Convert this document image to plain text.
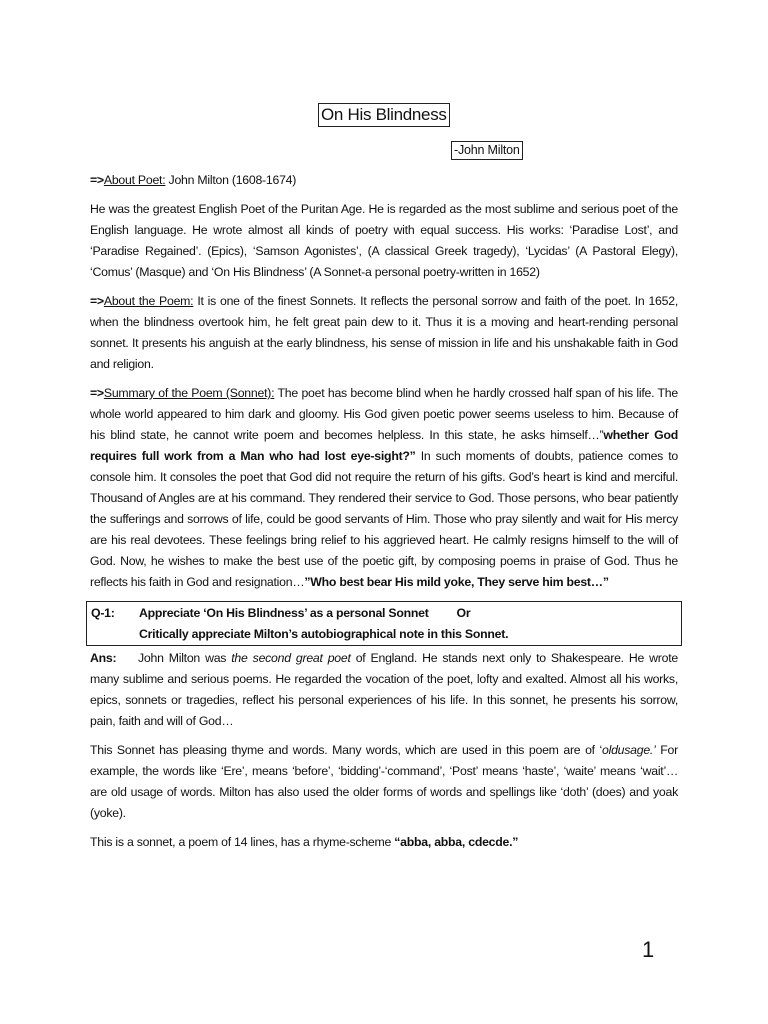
On His Blindness
-John Milton

=>About Poet: John Milton (1608-1674)

He was the greatest English Poet of the Puritan Age. He is regarded as the most sublime and serious poet of the English language. He wrote almost all kinds of poetry with equal success. His works: ‘Paradise Lost’, and ‘Paradise Regained’. (Epics), ‘Samson Agonistes’, (A classical Greek tragedy), ‘Lycidas’ (A Pastoral Elegy), ‘Comus’ (Masque) and ‘On His Blindness’ (A Sonnet-a personal poetry-written in 1652)

=>About the Poem: It is one of the finest Sonnets. It reflects the personal sorrow and faith of the poet. In 1652, when the blindness overtook him, he felt great pain dew to it. Thus it is a moving and heart-rending personal sonnet. It presents his anguish at the early blindness, his sense of mission in life and his unshakable faith in God and religion.

=>Summary of the Poem (Sonnet): The poet has become blind when he hardly crossed half span of his life. The whole world appeared to him dark and gloomy. His God given poetic power seems useless to him. Because of his blind state, he cannot write poem and becomes helpless. In this state, he asks himself…”whether God requires full work from a Man who had lost eye-sight?” In such moments of doubts, patience comes to console him. It consoles the poet that God did not require the return of his gifts. God’s heart is kind and merciful. Thousand of Angles are at his command. They rendered their service to God. Those persons, who bear patiently the sufferings and sorrows of life, could be good servants of Him. Those who pray silently and wait for His mercy are his real devotees. These feelings bring relief to his aggrieved heart. He calmly resigns himself to the will of God. Now, he wishes to make the best use of the poetic gift, by composing poems in praise of God. Thus he reflects his faith in God and resignation…”Who best bear His mild yoke, They serve him best…”

Q-1:	Appreciate ‘On His Blindness’ as a personal Sonnet Or
Critically appreciate Milton’s autobiographical note in this Sonnet.

Ans: John Milton was the second great poet of England. He stands next only to Shakespeare. He wrote many sublime and serious poems. He regarded the vocation of the poet, lofty and exalted. Almost all his works, epics, sonnets or tragedies, reflect his personal experiences of his life. In this sonnet, he presents his sorrow, pain, faith and will of God…

This Sonnet has pleasing thyme and words. Many words, which are used in this poem are of ‘oldusage.’ For example, the words like ‘Ere’, means ‘before’, ‘bidding’-‘command’, ‘Post’ means ‘haste’, ‘waite’ means ‘wait’…are old usage of words. Milton has also used the older forms of words and spellings like ‘doth’ (does) and yoak (yoke).

This is a sonnet, a poem of 14 lines, has a rhyme-scheme “abba, abba, cdecde.”

1
